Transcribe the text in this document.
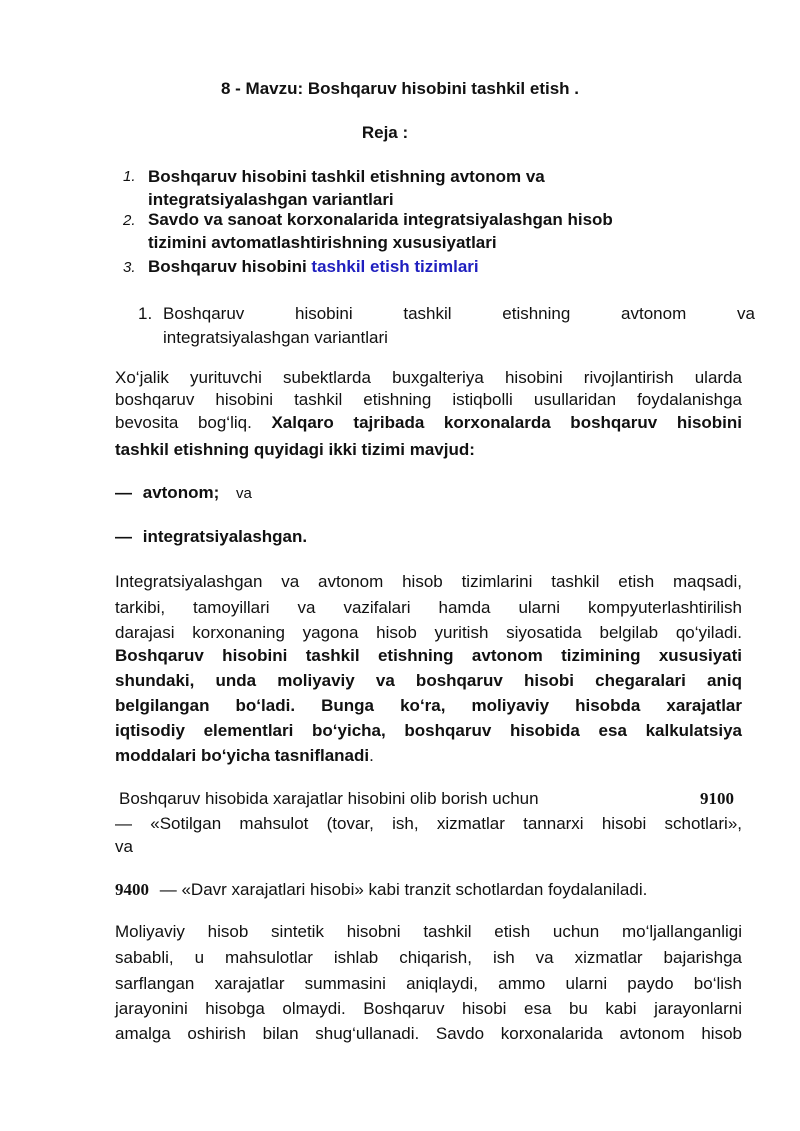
8 - Mavzu: Boshqaruv hisobini tashkil etish .
Reja :
1. Boshqaruv hisobini tashkil etishning avtonom va
integratsiyalashgan variantlari
2. Savdo va sanoat korxonalarida integratsiyalashgan hisob
tizimini avtomatlashtirishning xususiyatlari
3. Boshqaruv hisobini tashkil etish tizimlari
1. Boshqaruv hisobini tashkil etishning avtonom va
integratsiyalashgan variantlari
Xo‘jalik yurituvchi subektlarda buxgalteriya hisobini rivojlantirish ularda
boshqaruv hisobini tashkil etishning istiqbolli usullaridan foydalanishga
bevosita bog‘liq. Xalqaro tajribada korxonalarda boshqaruv hisobini
tashkil etishning quyidagi ikki tizimi mavjud:
— avtonom; va
— integratsiyalashgan.
Integratsiyalashgan va avtonom hisob tizimlarini tashkil etish maqsadi,
tarkibi, tamoyillari va vazifalari hamda ularni kompyuterlashtirilish
darajasi korxonaning yagona hisob yuritish siyosatida belgilab qo‘yiladi.
Boshqaruv hisobini tashkil etishning avtonom tizimining xususiyati
shundaki, unda moliyaviy va boshqaruv hisobi chegaralari aniq
belgilangan bo‘ladi. Bunga ko‘ra, moliyaviy hisobda xarajatlar
iqtisodiy elementlari bo‘yicha, boshqaruv hisobida esa kalkulatsiya
moddalari bo‘yicha tasniflanadi.
Boshqaruv hisobida xarajatlar hisobini olib borish uchun	9100
— «Sotilgan mahsulot (tovar, ish, xizmatlar tannarxi hisobi schotlari»,
va
9400 — «Davr xarajatlari hisobi» kabi tranzit schotlardan foydalaniladi.
Moliyaviy hisob sintetik hisobni tashkil etish uchun mo‘ljallanganligi
sababli, u mahsulotlar ishlab chiqarish, ish va xizmatlar bajarishga
sarflangan xarajatlar summasini aniqlaydi, ammo ularni paydo bo‘lish
jarayonini hisobga olmaydi. Boshqaruv hisobi esa bu kabi jarayonlarni
amalga oshirish bilan shug‘ullanadi. Savdo korxonalarida avtonom hisob
